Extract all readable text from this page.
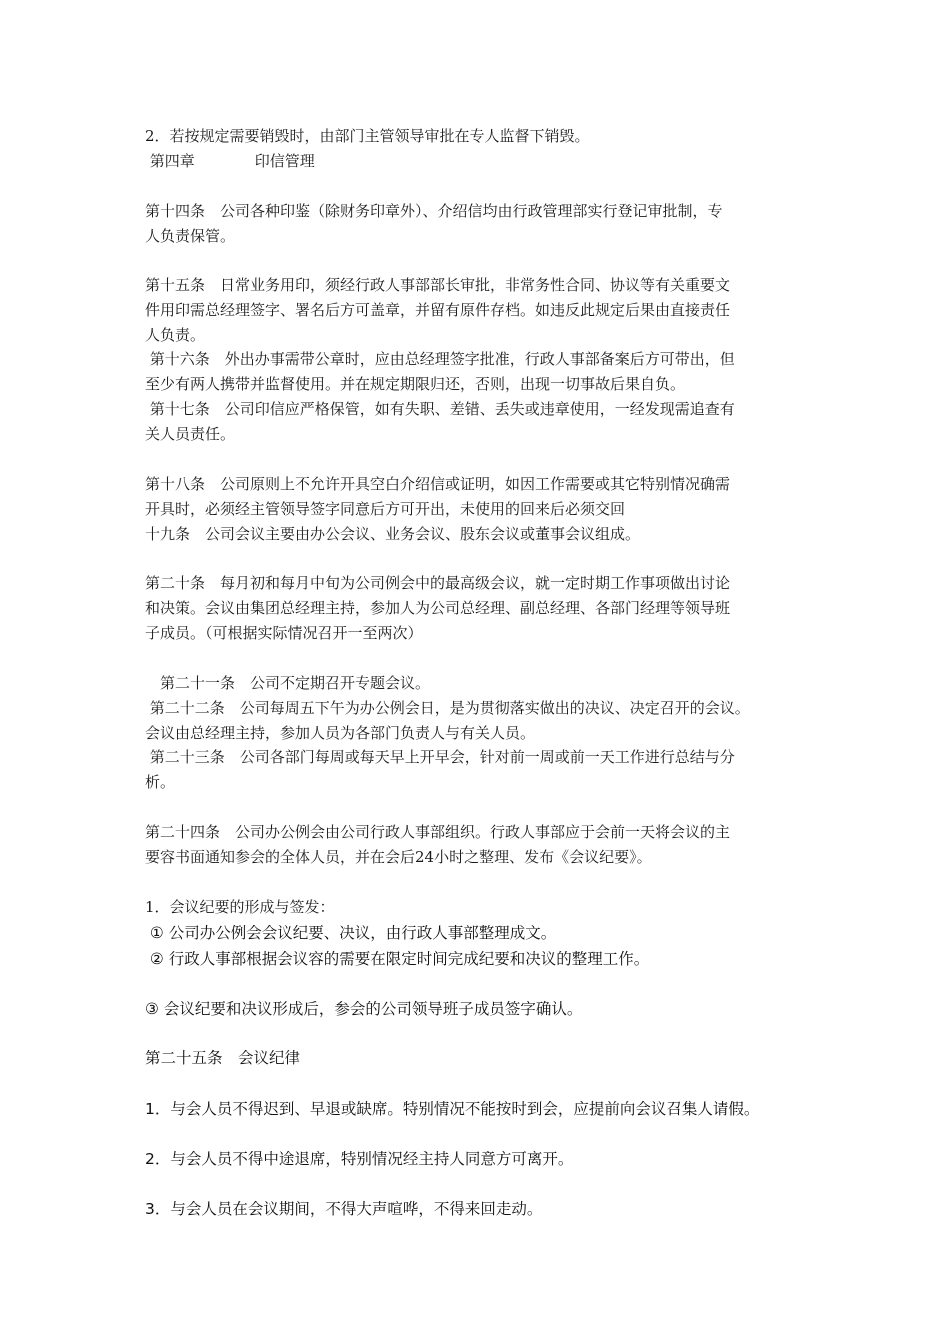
2．若按规定需要销毁时，由部门主管领导审批在专人监督下销毁。

第四章　　　　印信管理

第十四条　公司各种印鉴（除财务印章外）、介绍信均由行政管理部实行登记审批制，专

人负责保管。

第十五条　日常业务用印，须经行政人事部部长审批，非常务性合同、协议等有关重要文

件用印需总经理签字、署名后方可盖章，并留有原件存档。如违反此规定后果由直接责任

人负责。

第十六条　外出办事需带公章时，应由总经理签字批准，行政人事部备案后方可带出，但

至少有两人携带并监督使用。并在规定期限归还，否则，出现一切事故后果自负。

第十七条　公司印信应严格保管，如有失职、差错、丢失或违章使用，一经发现需追查有

关人员责任。

第十八条　公司原则上不允许开具空白介绍信或证明，如因工作需要或其它特别情况确需

开具时，必须经主管领导签字同意后方可开出，未使用的回来后必须交回

十九条　公司会议主要由办公会议、业务会议、股东会议或董事会议组成。

第二十条　每月初和每月中旬为公司例会中的最高级会议，就一定时期工作事项做出讨论

和决策。会议由集团总经理主持，参加人为公司总经理、副总经理、各部门经理等领导班

子成员。（可根据实际情况召开一至两次）

　第二十一条　公司不定期召开专题会议。

第二十二条　公司每周五下午为办公例会日，是为贯彻落实做出的决议、决定召开的会议。

会议由总经理主持，参加人员为各部门负责人与有关人员。

第二十三条　公司各部门每周或每天早上开早会，针对前一周或前一天工作进行总结与分

析。

第二十四条　公司办公例会由公司行政人事部组织。行政人事部应于会前一天将会议的主

要容书面通知参会的全体人员，并在会后24小时之整理、发布《会议纪要》。

1．会议纪要的形成与签发：

① 公司办公例会会议纪要、决议，由行政人事部整理成文。

② 行政人事部根据会议容的需要在限定时间完成纪要和决议的整理工作。

③ 会议纪要和决议形成后，参会的公司领导班子成员签字确认。

第二十五条　会议纪律

1．与会人员不得迟到、早退或缺席。特别情况不能按时到会，应提前向会议召集人请假。

2．与会人员不得中途退席，特别情况经主持人同意方可离开。

3．与会人员在会议期间，不得大声喧哗，不得来回走动。
